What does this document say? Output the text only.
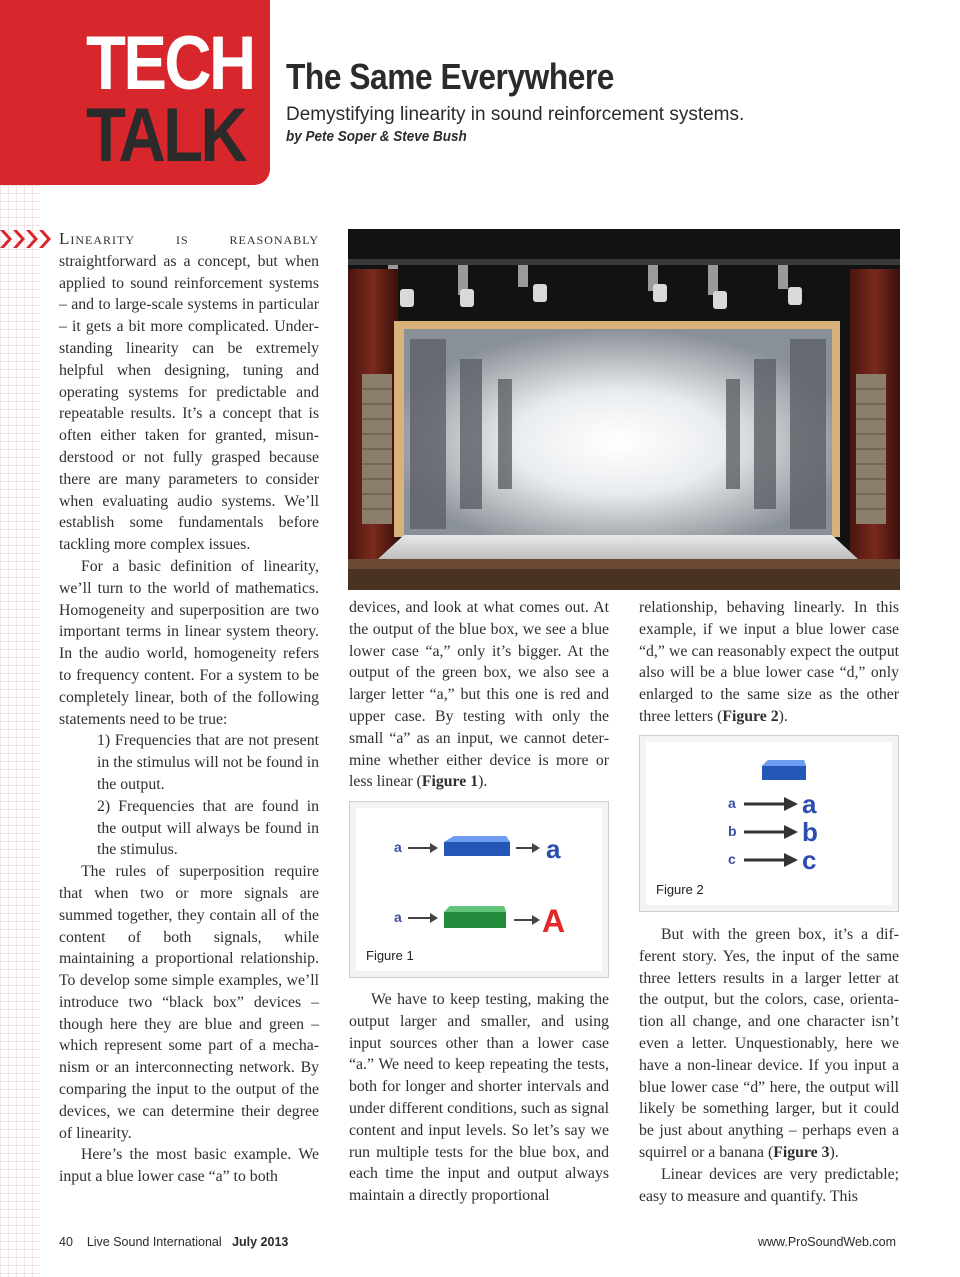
TECH
TALK
The Same Everywhere
Demystifying linearity in sound reinforcement systems.
by Pete Soper & Steve Bush

Linearity is reasonably straightforward as a concept, but when applied to sound reinforcement systems – and to large-scale systems in particular – it gets a bit more complicated. Understanding linearity can be extremely helpful when designing, tuning and operating systems for predictable and repeatable results. It’s a concept that is often either taken for granted, misunderstood or not fully grasped because there are many parameters to consider when evaluating audio systems. We’ll establish some fundamentals before tackling more complex issues.

For a basic definition of linearity, we’ll turn to the world of mathematics. Homogeneity and superposition are two important terms in linear system theory. In the audio world, homogeneity refers to frequency content. For a system to be completely linear, both of the following statements need to be true:

1) Frequencies that are not present in the stimulus will not be found in the output.

2) Frequencies that are found in the output will always be found in the stimulus.

The rules of superposition require that when two or more signals are summed together, they contain all of the content of both signals, while maintaining a proportional relationship. To develop some simple examples, we’ll introduce two “black box” devices – though here they are blue and green – which represent some part of a mechanism or an interconnecting network. By comparing the input to the output of the devices, we can determine their degree of linearity.

Here’s the most basic example. We input a blue lower case “a” to both

devices, and look at what comes out. At the output of the blue box, we see a blue lower case “a,” only it’s bigger. At the output of the green box, we also see a larger letter “a,” but this one is red and upper case. By testing with only the small “a” as an input, we cannot determine whether either device is more or less linear (Figure 1).

a	a
a	A
Figure 1

We have to keep testing, making the output larger and smaller, and using input sources other than a lower case “a.” We need to keep repeating the tests, both for longer and shorter intervals and under different conditions, such as signal content and input levels. So let’s say we run multiple tests for the blue box, and each time the input and output always maintain a directly proportional

relationship, behaving linearly. In this example, if we input a blue lower case “d,” we can reasonably expect the output also will be a blue lower case “d,” only enlarged to the same size as the other three letters (Figure 2).

a	a
b	b
c	c
Figure 2

But with the green box, it’s a different story. Yes, the input of the same three letters results in a larger letter at the output, but the colors, case, orientation all change, and one character isn’t even a letter. Unquestionably, here we have a non-linear device. If you input a blue lower case “d” here, the output will likely be something larger, but it could be just about anything – perhaps even a squirrel or a banana (Figure 3).

Linear devices are very predictable; easy to measure and quantify. This

40 Live Sound International July 2013	www.ProSoundWeb.com
